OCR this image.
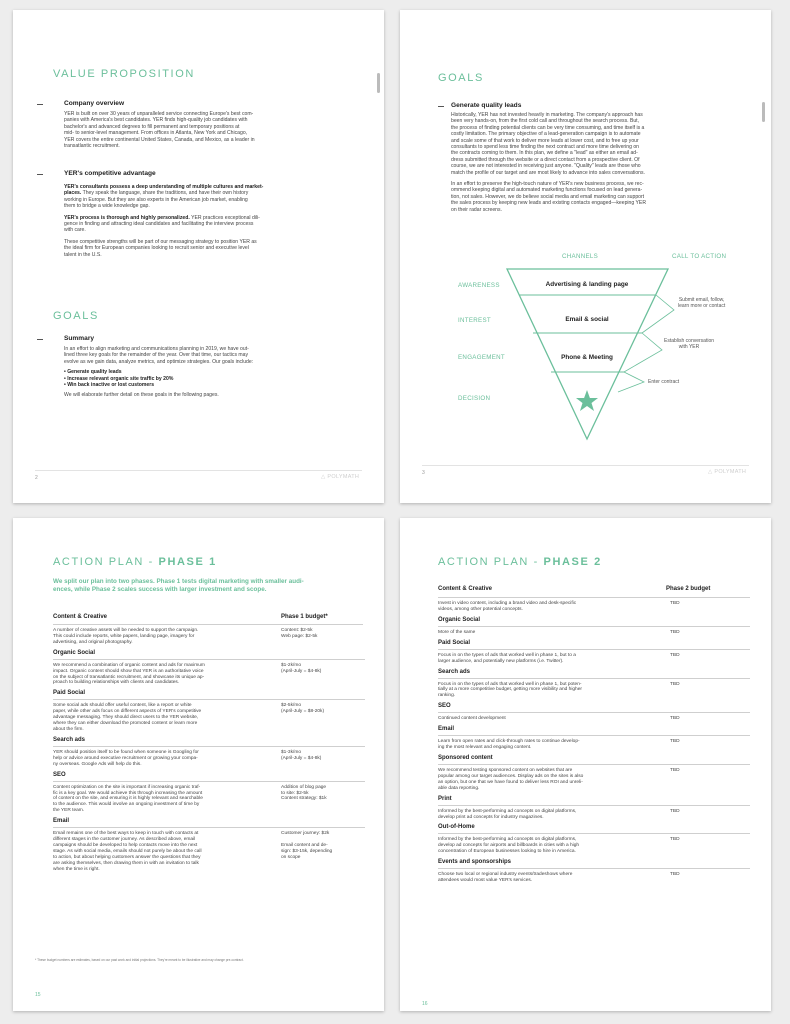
VALUE PROPOSITION
Company overview
YER is built on over 30 years of unparalleled service connecting Europe's best com-
panies with America's best candidates. YER finds high-quality job candidates with
bachelor's and advanced degrees to fill permanent and temporary positions at
mid- to senior-level management. From offices in Atlanta, New York and Chicago,
YER covers the entire continental United States, Canada, and Mexico, as a leader in
transatlantic recruitment.
YER's competitive advantage
YER's consultants possess a deep understanding of multiple cultures and market-
places. They speak the language, share the traditions, and have their own history
working in Europe. But they are also experts in the American job market, enabling
them to bridge a wide knowledge gap.
YER's process is thorough and highly personalized. YER practices exceptional dili-
gence in finding and attracting ideal candidates and facilitating the interview process
with care.
These competitive strengths will be part of our messaging strategy to position YER as
the ideal firm for European companies looking to recruit senior and executive level
talent in the U.S.
GOALS
Summary
In an effort to align marketing and communications planning in 2019, we have out-
lined three key goals for the remainder of the year. Over that time, our tactics may
evolve as we gain data, analyze metrics, and optimize strategies. Our goals include:
• Generate quality leads
• Increase relevant organic site traffic by 20%
• Win back inactive or lost customers
We will elaborate further detail on these goals in the following pages.
2	△ POLYMATH
GOALS
Generate quality leads
Historically, YER has not invested heavily in marketing. The company's approach has
been very hands-on, from the first cold call and throughout the search process. But,
the process of finding potential clients can be very time consuming, and time itself is a
costly limitation. The primary objective of a lead-generation campaign is to automate
and scale some of that work to deliver more leads at lower cost, and to free up your
consultants to spend less time finding the next contract and more time delivering on
the contracts coming to them. In this plan, we define a "lead" as either an email ad-
dress submitted through the website or a direct contact from a prospective client. Of
course, we are not interested in receiving just anyone. "Quality" leads are those who
match the profile of our target and are most likely to advance into sales conversations.
In an effort to preserve the high-touch nature of YER's new business process, we rec-
ommend keeping digital and automated marketing functions focused on lead genera-
tion, not sales. However, we do believe social media and email marketing can support
the sales process by keeping new leads and existing contacts engaged—keeping YER
on their radar screens.
CHANNELS	CALL TO ACTION
AWARENESS
INTEREST
ENGAGEMENT
DECISION
Advertising & landing page
Email & social
Phone & Meeting
Submit email, follow,
learn more or contact
Establish conversation
with YER
Enter contract
3	△ POLYMATH
ACTION PLAN - PHASE 1
We split our plan into two phases. Phase 1 tests digital marketing with smaller audi-
ences, while Phase 2 scales success with larger investment and scope.
Content & Creative	Phase 1 budget*
A number of creative assets will be needed to support the campaign.
This could include reports, white papers, landing page, imagery for
advertising, and original photography.
Content: $2-5k
Web page: $2-5k
Organic Social
We recommend a combination of organic content and ads for maximum
impact. Organic content should show that YER is an authoritative voice
on the subject of transatlantic recruitment, and showcase its unique ap-
proach to building relationships with clients and candidates.
$1-2k/mo
(April-July = $4-8k)
Paid Social
Some social ads should offer useful content, like a report or white
paper, while other ads focus on different aspects of YER's competitive
advantage messaging. They should direct users to the YER website,
where they can either download the promoted content or learn more
about the firm.
$2-5k/mo
(April-July = $8-20k)
Search ads
YER should position itself to be found when someone is Googling for
help or advice around executive recruitment or growing your compa-
ny overseas. Google Ads will help do this.
$1-3k/mo
(April-July = $4-8k)
SEO
Content optimization on the site is important if increasing organic traf-
fic is a key goal. We would achieve this through increasing the amount
of content on the site, and ensuring it is highly relevant and searchable
to the audience. This would involve an ongoing investment of time by
the YER team.
Addition of blog page
to site: $2-5k
Content strategy: $1k
Email
Email remains one of the best ways to keep in touch with contacts at
different stages in the customer journey. As described above, email
campaigns should be developed to help contacts move into the next
stage. As with social media, emails should not purely be about the call
to action, but about helping customers answer the questions that they
are asking themselves, then drawing them in with an invitation to talk
when the time is right.
Customer journey: $2k
Email content and de-
sign: $3-15k, depending
on scope
* These budget numbers are estimates, based on our past work and initial projections. They're meant to be illustrative and may change pre-contract.
15
ACTION PLAN - PHASE 2
Content & Creative	Phase 2 budget
Invest in video content, including a brand video and desk-specific
videos, among other potential concepts.
TBD
Organic Social
More of the same	TBD
Paid Social
Focus in on the types of ads that worked well in phase 1, but to a
larger audience, and potentially new platforms (i.e. Twitter).
TBD
Search ads
Focus in on the types of ads that worked well in phase 1, but poten-
tially at a more competitive budget, getting more visibility and higher
ranking.
TBD
SEO
Continued content development	TBD
Email
Learn from open rates and click-through rates to continue develop-
ing the most relevant and engaging content.
TBD
Sponsored content
We recommend testing sponsored content on websites that are
popular among our target audiences. Display ads on the sites is also
an option, but one that we have found to deliver less ROI and unreli-
able data reporting.
TBD
Print
Informed by the best-performing ad concepts on digital platforms,
develop print ad concepts for industry magazines.
TBD
Out-of-Home
Informed by the best-performing ad concepts on digital platforms,
develop ad concepts for airports and billboards in cities with a high
concentration of European businesses looking to hire in America.
TBD
Events and sponsorships
Choose two local or regional industry events/tradeshows where
attendees would most value YER's services.
TBD
16
